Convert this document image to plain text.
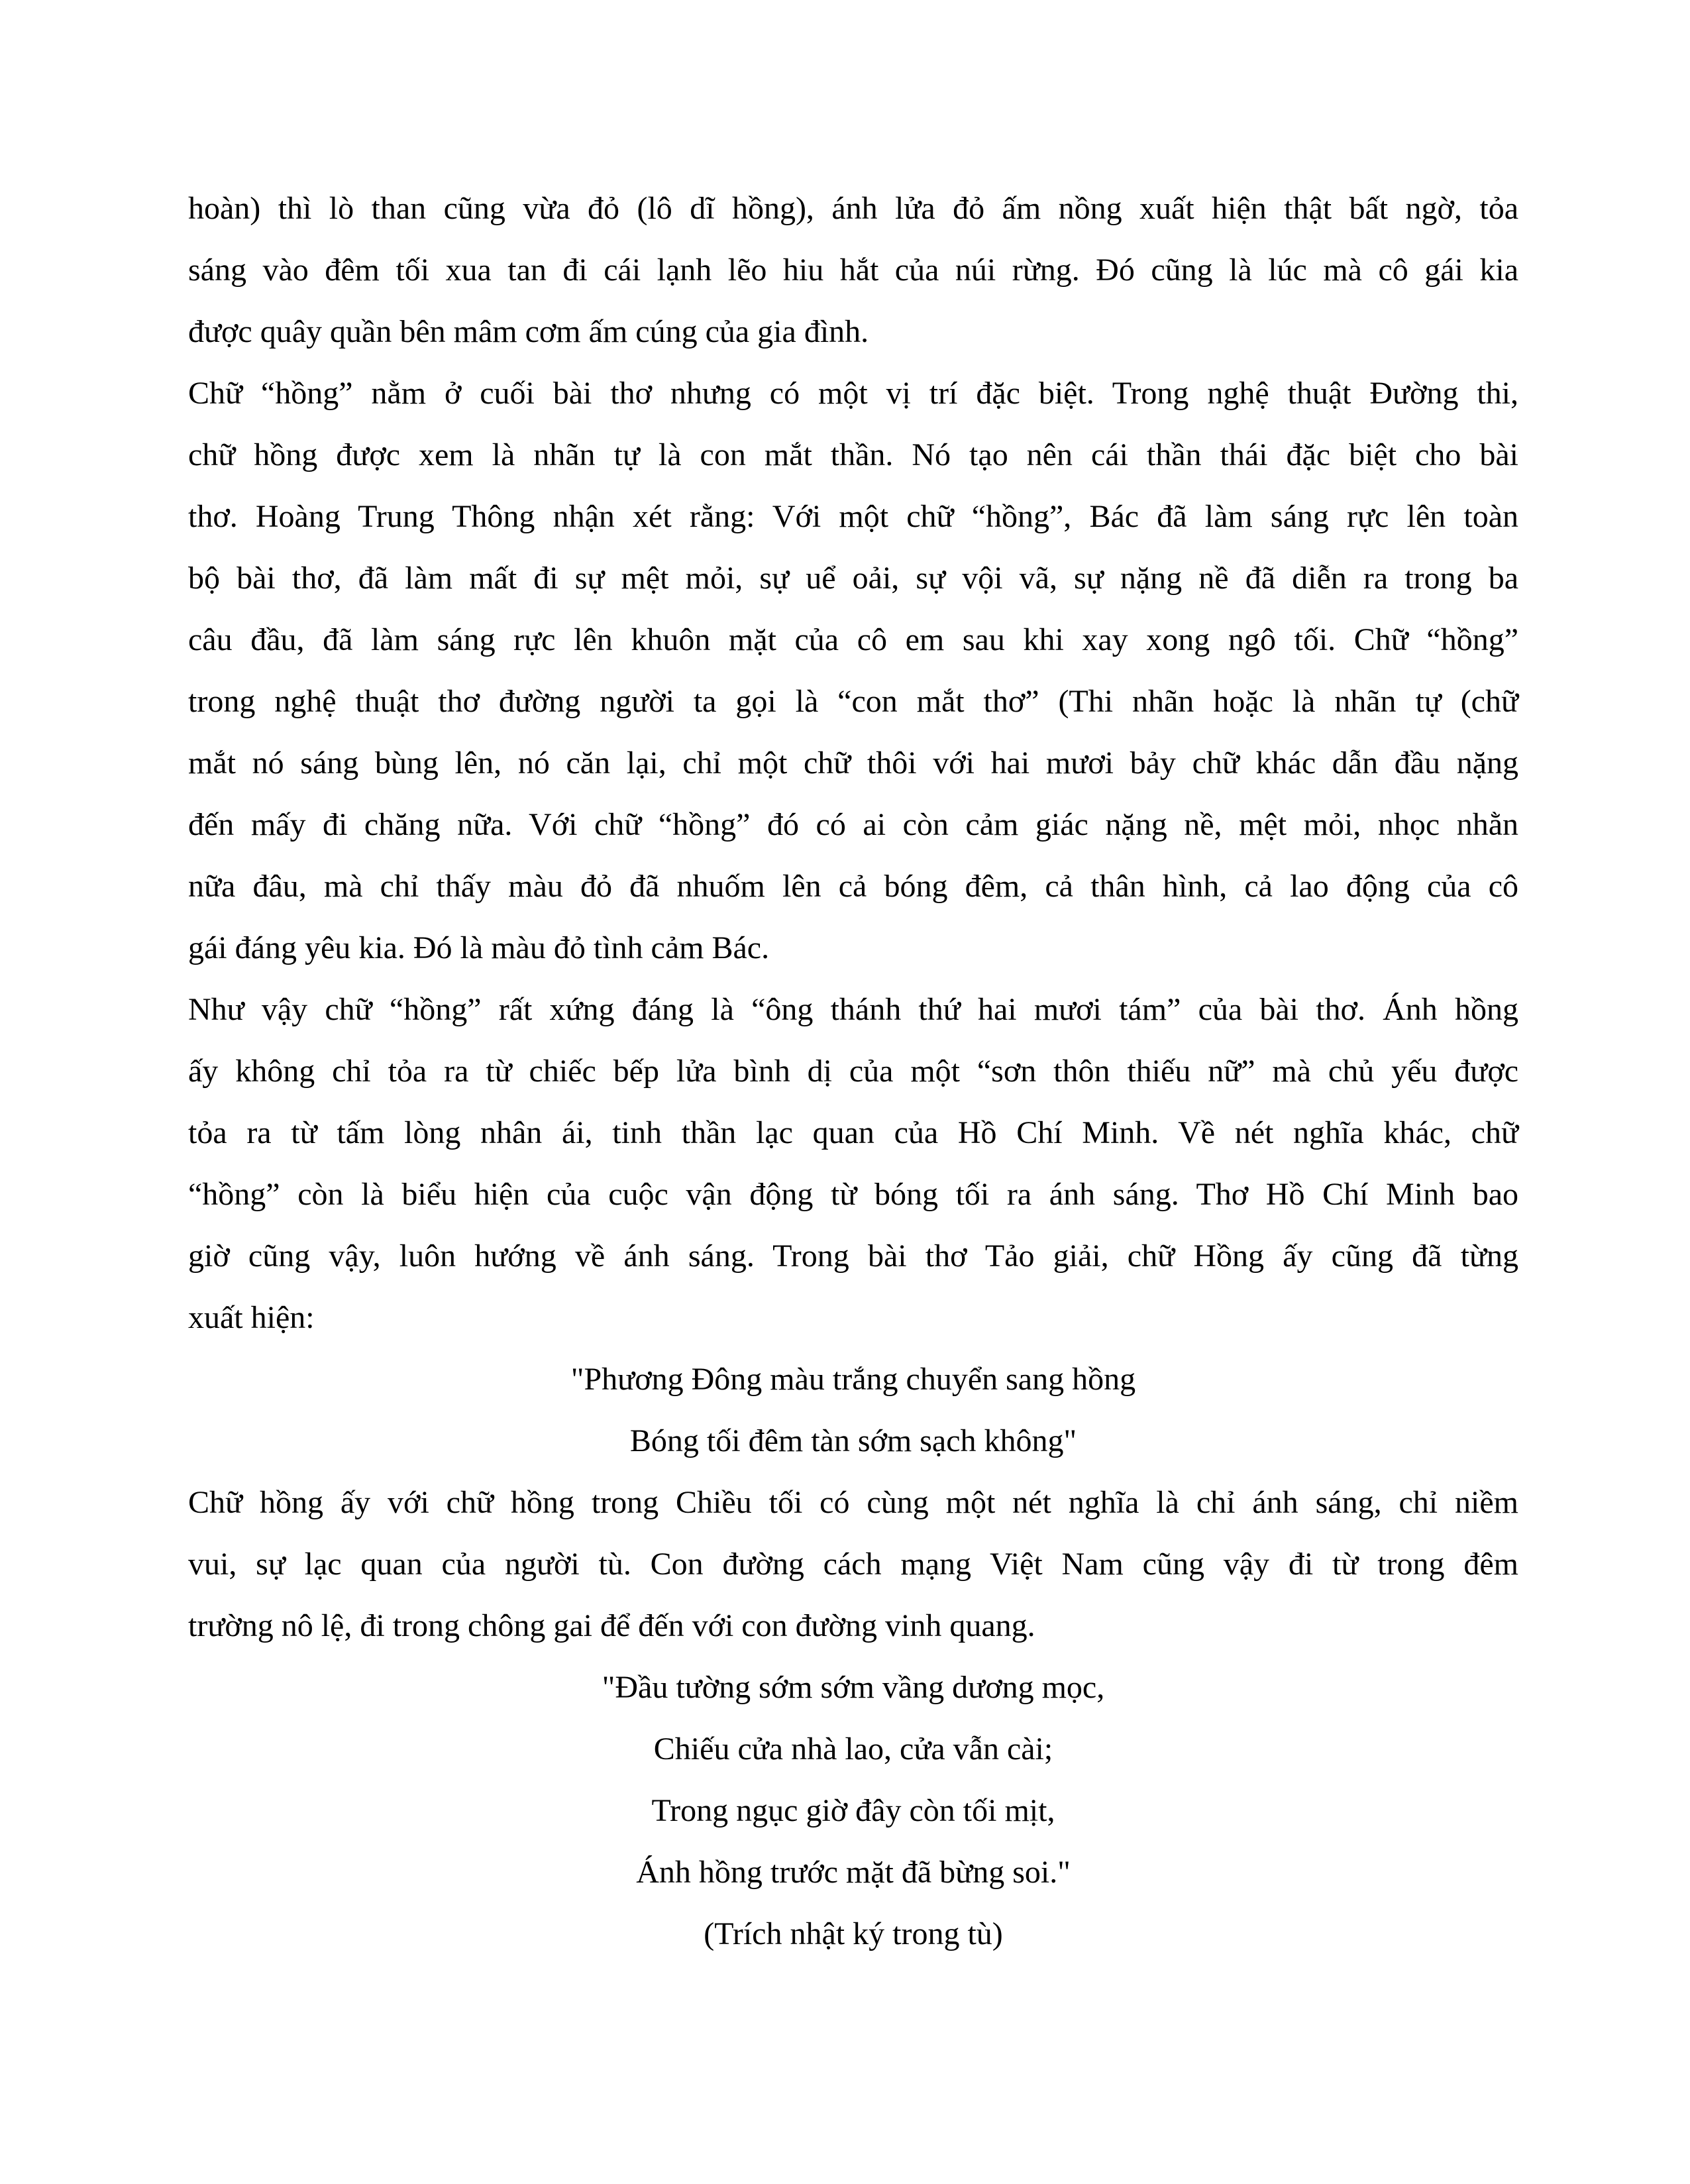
hoàn) thì lò than cũng vừa đỏ (lô dĩ hồng), ánh lửa đỏ ấm nồng xuất hiện thật bất ngờ, tỏa
sáng vào đêm tối xua tan đi cái lạnh lẽo hiu hắt của núi rừng. Đó cũng là lúc mà cô gái kia
được quây quần bên mâm cơm ấm cúng của gia đình.
Chữ “hồng” nằm ở cuối bài thơ nhưng có một vị trí đặc biệt. Trong nghệ thuật Đường thi,
chữ hồng được xem là nhãn tự là con mắt thần. Nó tạo nên cái thần thái đặc biệt cho bài
thơ. Hoàng Trung Thông nhận xét rằng: Với một chữ “hồng”, Bác đã làm sáng rực lên toàn
bộ bài thơ, đã làm mất đi sự mệt mỏi, sự uể oải, sự vội vã, sự nặng nề đã diễn ra trong ba
câu đầu, đã làm sáng rực lên khuôn mặt của cô em sau khi xay xong ngô tối. Chữ “hồng”
trong nghệ thuật thơ đường người ta gọi là “con mắt thơ” (Thi nhãn hoặc là nhãn tự (chữ
mắt nó sáng bùng lên, nó căn lại, chỉ một chữ thôi với hai mươi bảy chữ khác dẫn đầu nặng
đến mấy đi chăng nữa. Với chữ “hồng” đó có ai còn cảm giác nặng nề, mệt mỏi, nhọc nhằn
nữa đâu, mà chỉ thấy màu đỏ đã nhuốm lên cả bóng đêm, cả thân hình, cả lao động của cô
gái đáng yêu kia. Đó là màu đỏ tình cảm Bác.
Như vậy chữ “hồng” rất xứng đáng là “ông thánh thứ hai mươi tám” của bài thơ. Ánh hồng
ấy không chỉ tỏa ra từ chiếc bếp lửa bình dị của một “sơn thôn thiếu nữ” mà chủ yếu được
tỏa ra từ tấm lòng nhân ái, tinh thần lạc quan của Hồ Chí Minh. Về nét nghĩa khác, chữ
“hồng” còn là biểu hiện của cuộc vận động từ bóng tối ra ánh sáng. Thơ Hồ Chí Minh bao
giờ cũng vậy, luôn hướng về ánh sáng. Trong bài thơ Tảo giải, chữ Hồng ấy cũng đã từng
xuất hiện:
"Phương Đông màu trắng chuyển sang hồng
Bóng tối đêm tàn sớm sạch không"
Chữ hồng ấy với chữ hồng trong Chiều tối có cùng một nét nghĩa là chỉ ánh sáng, chỉ niềm
vui, sự lạc quan của người tù. Con đường cách mạng Việt Nam cũng vậy đi từ trong đêm
trường nô lệ, đi trong chông gai để đến với con đường vinh quang.
"Đầu tường sớm sớm vầng dương mọc,
Chiếu cửa nhà lao, cửa vẫn cài;
Trong ngục giờ đây còn tối mịt,
Ánh hồng trước mặt đã bừng soi."
(Trích nhật ký trong tù)
